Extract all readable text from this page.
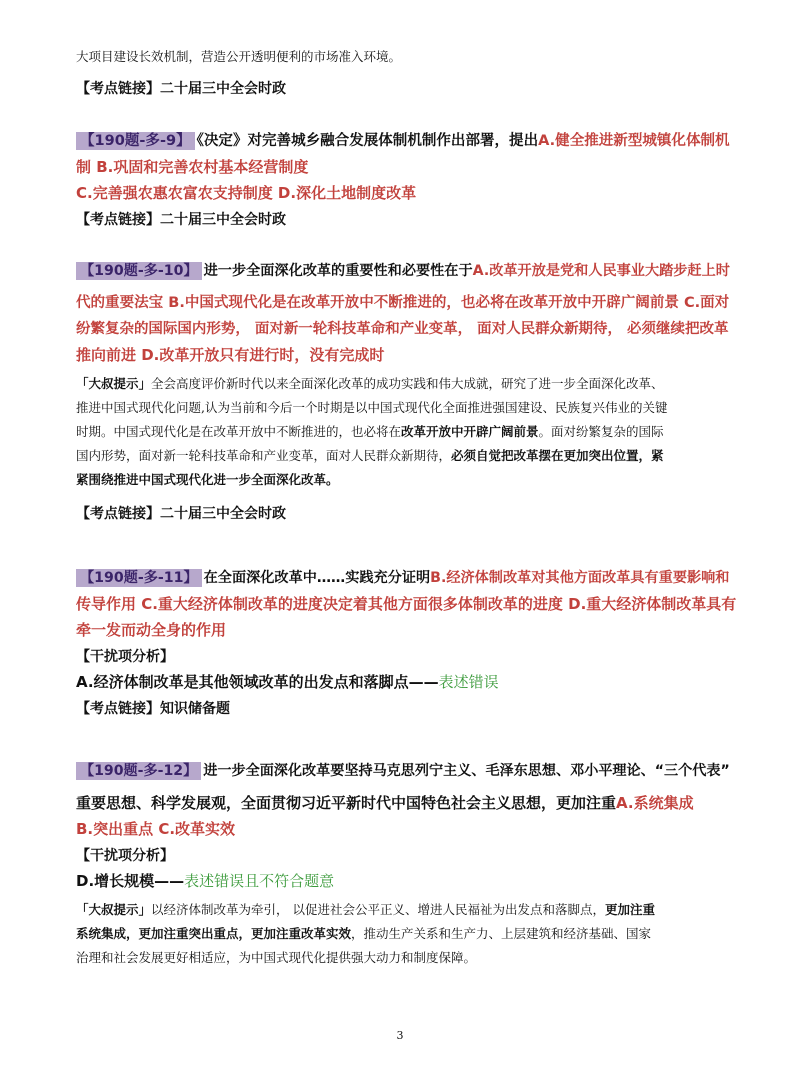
大项目建设长效机制，营造公开透明便利的市场准入环境。
【考点链接】二十届三中全会时政
【190题-多-9】 《决定》对完善城乡融合发展体制机制作出部署，提出A.健全推进新型城镇化体制机
制 B.巩固和完善农村基本经营制度
C.完善强农惠农富农支持制度 D.深化土地制度改革
【考点链接】二十届三中全会时政
【190题-多-10】 进一步全面深化改革的重要性和必要性在于A.改革开放是党和人民事业大踏步赶上时
代的重要法宝 B.中国式现代化是在改革开放中不断推进的，也必将在改革开放中开辟广阔前景 C.面对
纷繁复杂的国际国内形势， 面对新一轮科技革命和产业变革， 面对人民群众新期待， 必须继续把改革
推向前进 D.改革开放只有进行时，没有完成时
「大叔提示」全会高度评价新时代以来全面深化改革的成功实践和伟大成就，研究了进一步全面深化改革、
推进中国式现代化问题,认为当前和今后一个时期是以中国式现代化全面推进强国建设、民族复兴伟业的关键
时期。中国式现代化是在改革开放中不断推进的，也必将在改革开放中开辟广阔前景。面对纷繁复杂的国际
国内形势，面对新一轮科技革命和产业变革，面对人民群众新期待，必须自觉把改革摆在更加突出位置，紧
紧围绕推进中国式现代化进一步全面深化改革。
【考点链接】二十届三中全会时政
【190题-多-11】 在全面深化改革中……实践充分证明B.经济体制改革对其他方面改革具有重要影响和
传导作用 C.重大经济体制改革的进度决定着其他方面很多体制改革的进度 D.重大经济体制改革具有
牵一发而动全身的作用
【干扰项分析】
A.经济体制改革是其他领域改革的出发点和落脚点——表述错误
【考点链接】知识储备题
【190题-多-12】 进一步全面深化改革要坚持马克思列宁主义、毛泽东思想、邓小平理论、“三个代表”
重要思想、科学发展观，全面贯彻习近平新时代中国特色社会主义思想，更加注重A.系统集成
B.突出重点 C.改革实效
【干扰项分析】
D.增长规模——表述错误且不符合题意
「大叔提示」以经济体制改革为牵引， 以促进社会公平正义、增进人民福祉为出发点和落脚点，更加注重
系统集成，更加注重突出重点，更加注重改革实效，推动生产关系和生产力、上层建筑和经济基础、国家
治理和社会发展更好相适应，为中国式现代化提供强大动力和制度保障。
3
